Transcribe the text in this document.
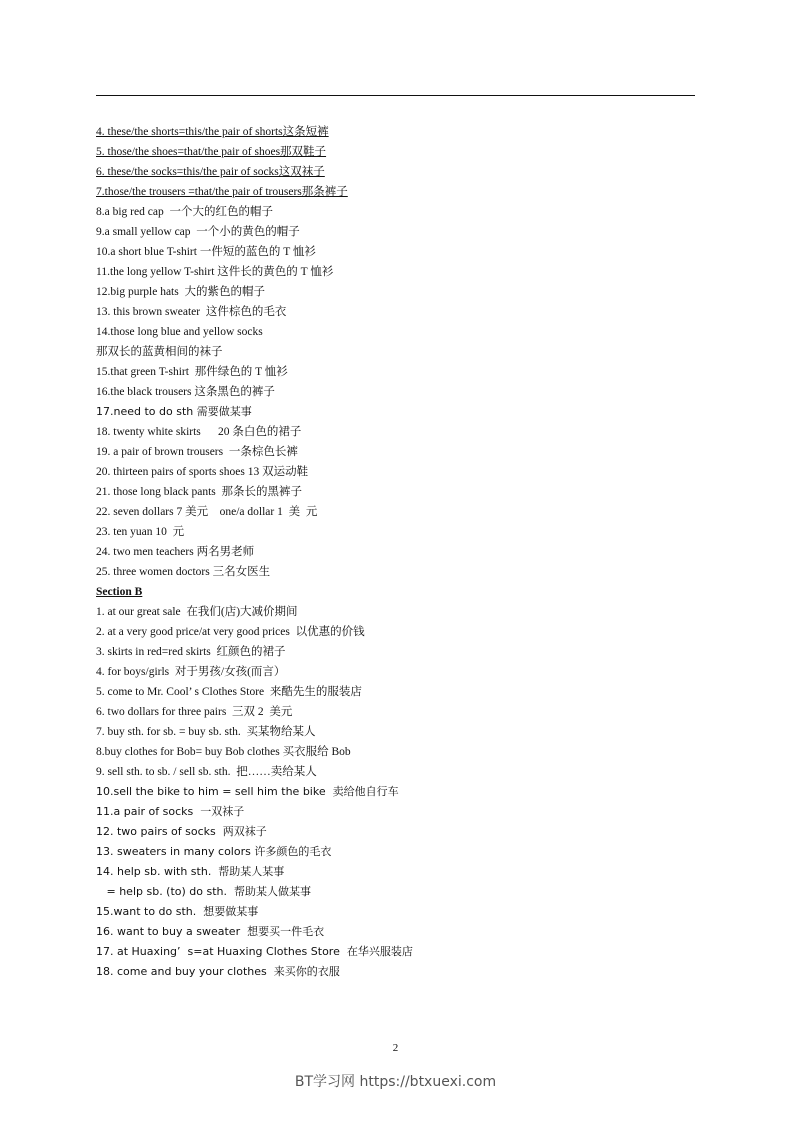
4. these/the shorts=this/the pair of shorts这条短裤
5. those/the shoes=that/the pair of shoes那双鞋子
6. these/the socks=this/the pair of socks这双袜子
7.those/the trousers =that/the pair of trousers那条裤子
8.a big red cap  一个大的红色的帽子
9.a small yellow cap  一个小的黄色的帽子
10.a short blue T-shirt 一件短的蓝色的 T 恤衫
11.the long yellow T-shirt 这件长的黄色的 T 恤衫
12.big purple hats  大的紫色的帽子
13. this brown sweater  这件棕色的毛衣
14.those long blue and yellow socks
那双长的蓝黄相间的袜子
15.that green T-shirt  那件绿色的 T 恤衫
16.the black trousers 这条黑色的裤子
17.need to do sth 需要做某事
18. twenty white skirts      20 条白色的裙子
19. a pair of brown trousers  一条棕色长裤
20. thirteen pairs of sports shoes 13 双运动鞋
21. those long black pants  那条长的黑裤子
22. seven dollars 7 美元    one/a dollar 1  美  元
23. ten yuan 10  元
24. two men teachers 两名男老师
25. three women doctors 三名女医生
Section B
1. at our great sale  在我们(店)大减价期间
2. at a very good price/at very good prices  以优惠的价钱
3. skirts in red=red skirts  红颜色的裙子
4. for boys/girls  对于男孩/女孩(而言）
5. come to Mr. Cool’ s Clothes Store  来酷先生的服装店
6. two dollars for three pairs  三双 2  美元
7. buy sth. for sb. = buy sb. sth.  买某物给某人
8.buy clothes for Bob= buy Bob clothes 买衣服给 Bob
9. sell sth. to sb. / sell sb. sth.  把……卖给某人
10.sell the bike to him = sell him the bike  卖给他自行车
11.a pair of socks  一双袜子
12. two pairs of socks  两双袜子
13. sweaters in many colors 许多颜色的毛衣
14. help sb. with sth.  帮助某人某事
= help sb. (to) do sth.  帮助某人做某事
15.want to do sth.  想要做某事
16. want to buy a sweater  想要买一件毛衣
17. at Huaxing’  s=at Huaxing Clothes Store  在华兴服装店
18. come and buy your clothes  来买你的衣服
2
BT学习网 https://btxuexi.com
